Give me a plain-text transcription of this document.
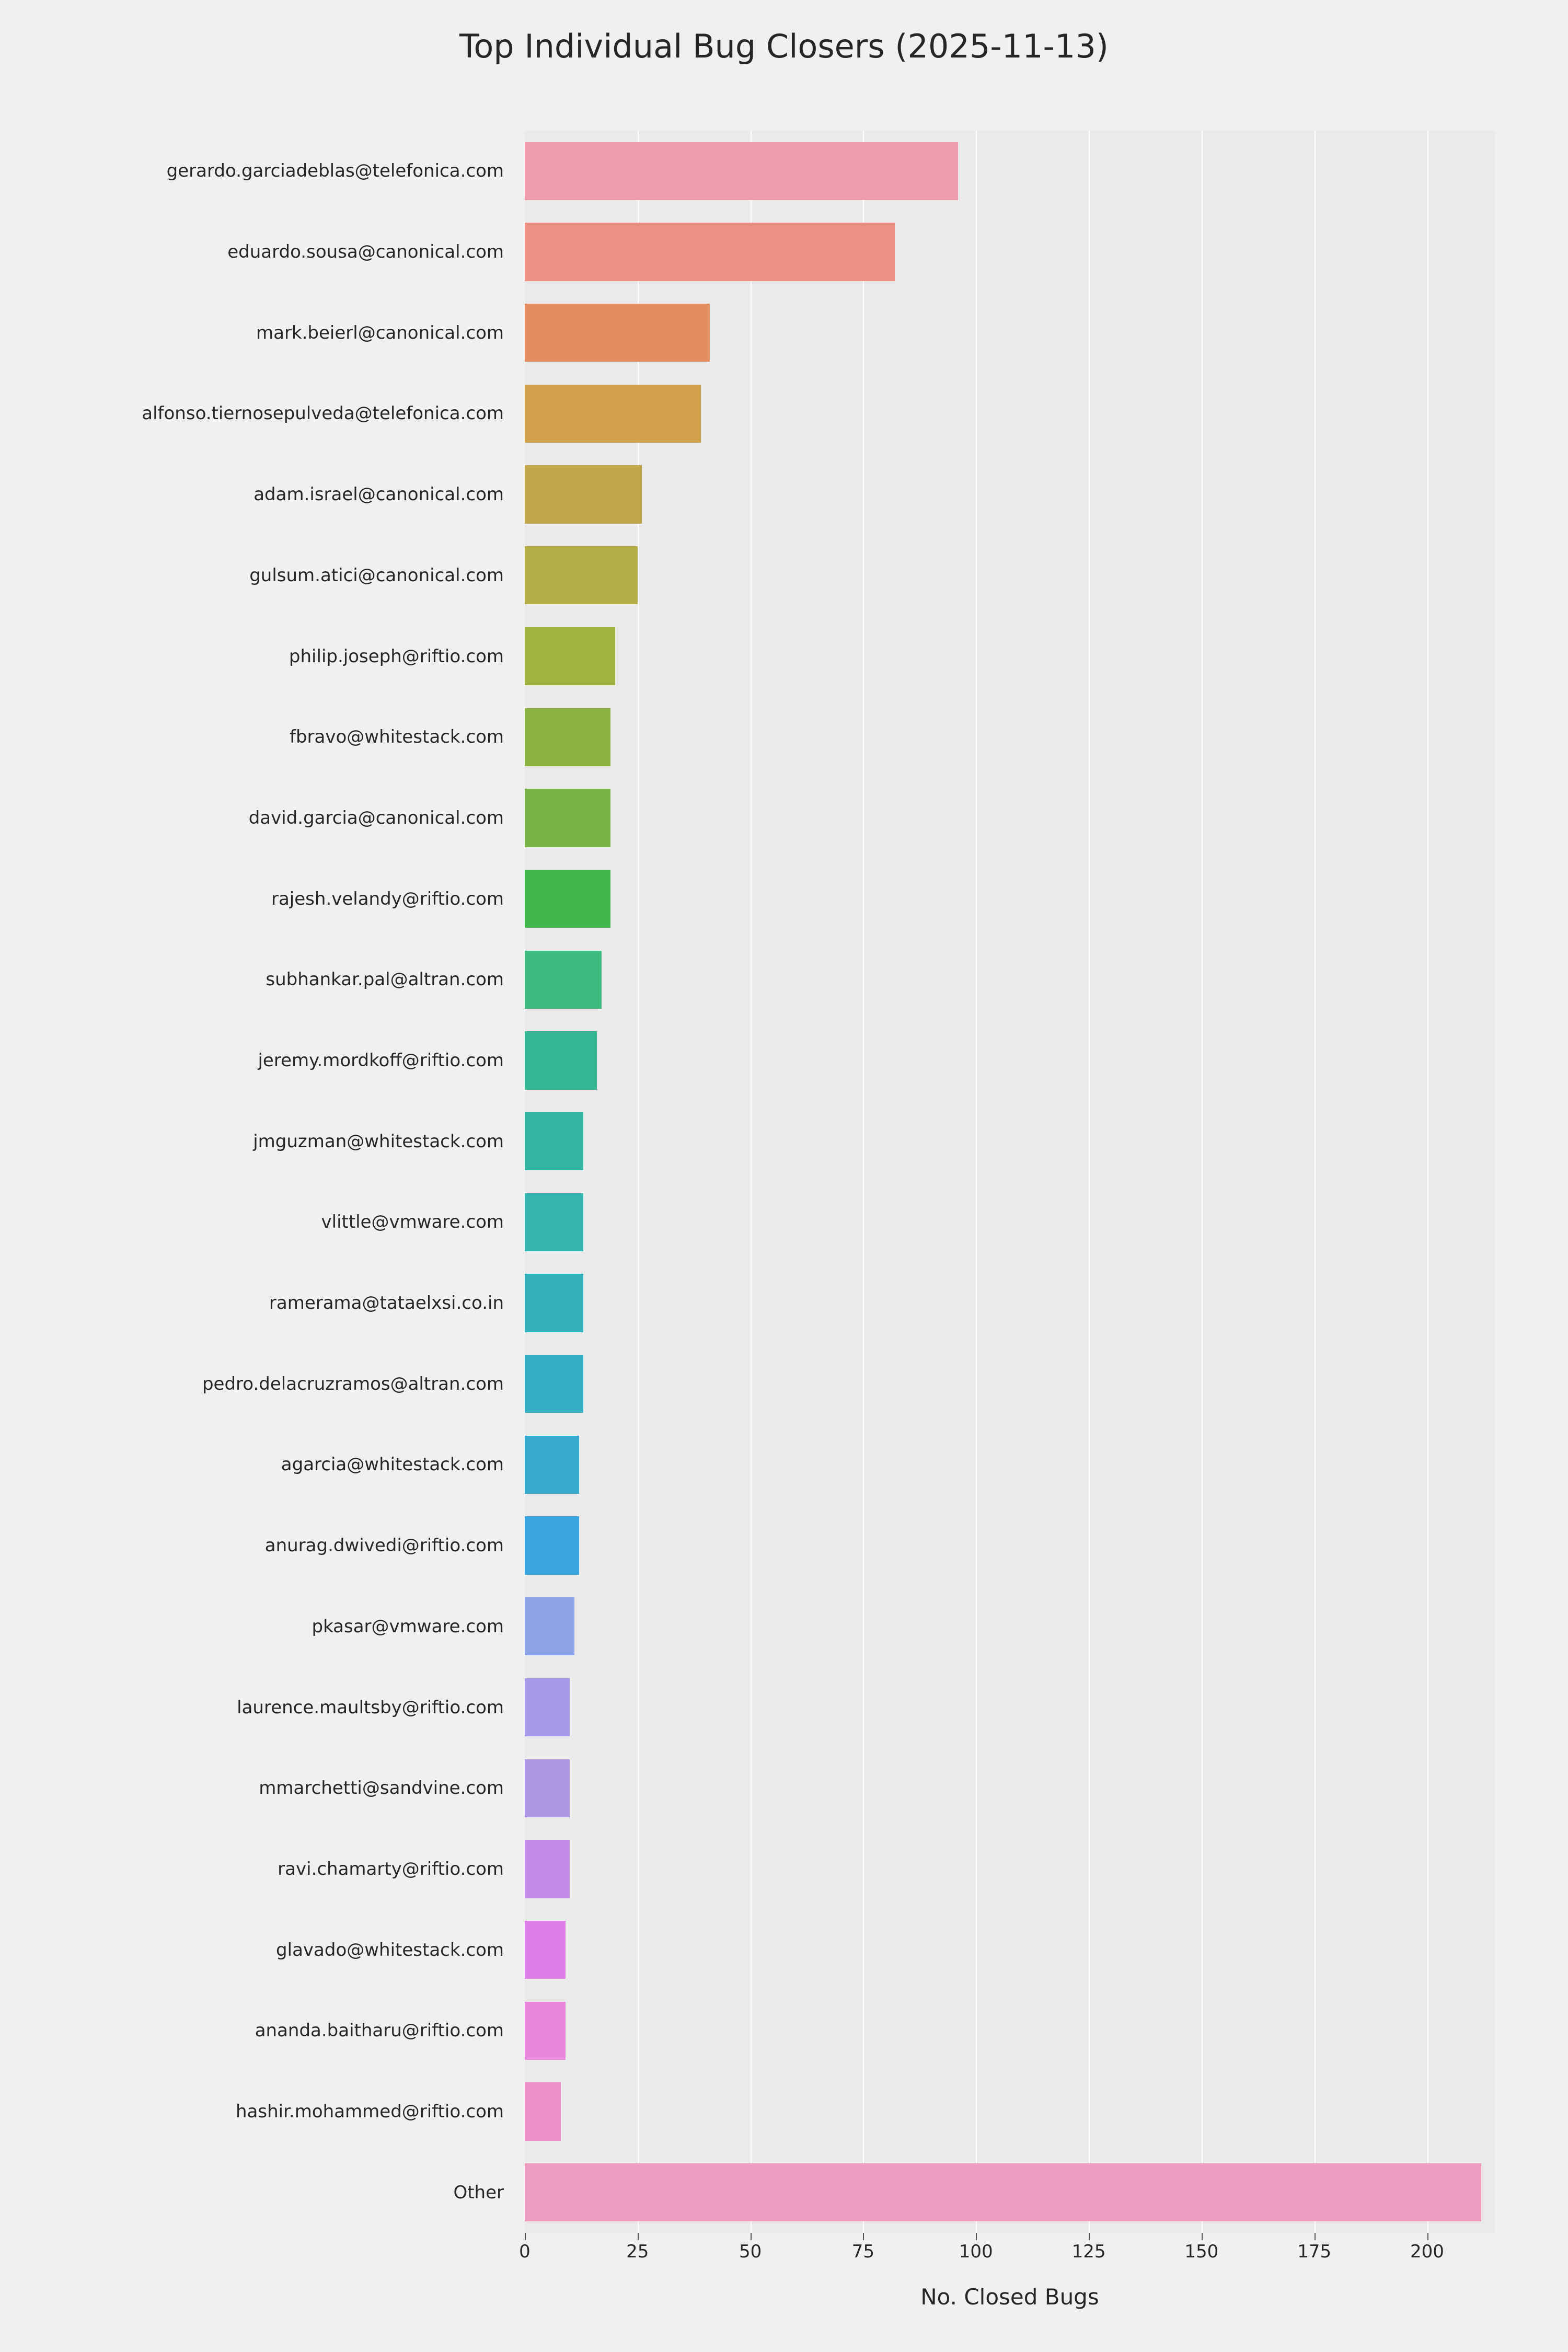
Top Individual Bug Closers (2025-11-13)
gerardo.garciadeblas@telefonica.com
eduardo.sousa@canonical.com
mark.beierl@canonical.com
alfonso.tiernosepulveda@telefonica.com
adam.israel@canonical.com
gulsum.atici@canonical.com
philip.joseph@riftio.com
fbravo@whitestack.com
david.garcia@canonical.com
rajesh.velandy@riftio.com
subhankar.pal@altran.com
jeremy.mordkoff@riftio.com
jmguzman@whitestack.com
vlittle@vmware.com
ramerama@tataelxsi.co.in
pedro.delacruzramos@altran.com
agarcia@whitestack.com
anurag.dwivedi@riftio.com
pkasar@vmware.com
laurence.maultsby@riftio.com
mmarchetti@sandvine.com
ravi.chamarty@riftio.com
glavado@whitestack.com
ananda.baitharu@riftio.com
hashir.mohammed@riftio.com
Other
0	25	50	75	100	125	150	175	200
No. Closed Bugs
